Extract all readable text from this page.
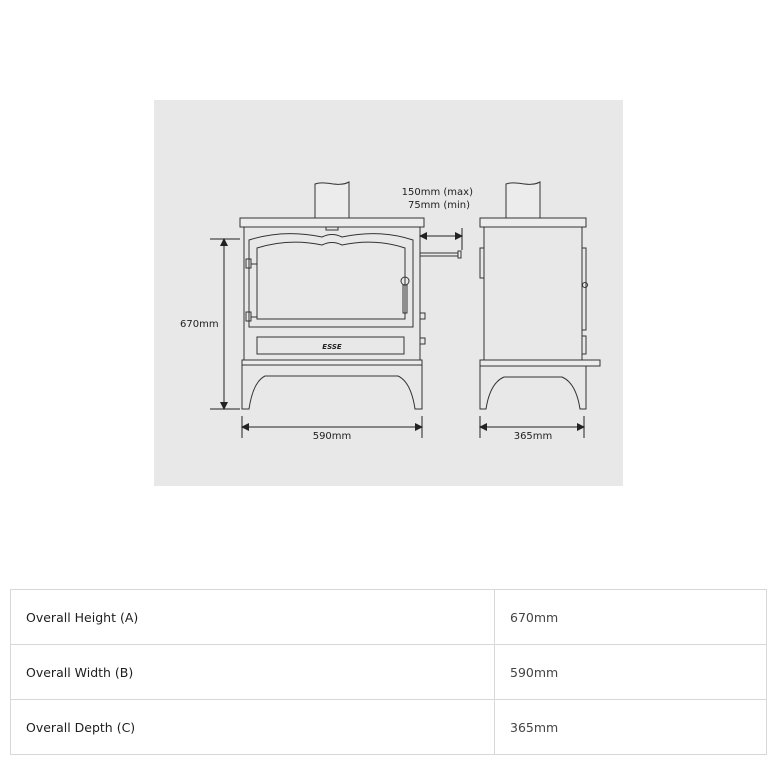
ESSE
150mm (max)
75mm (min)
670mm
590mm	365mm
Overall Height (A)	670mm
Overall Width (B)	590mm
Overall Depth (C)	365mm
